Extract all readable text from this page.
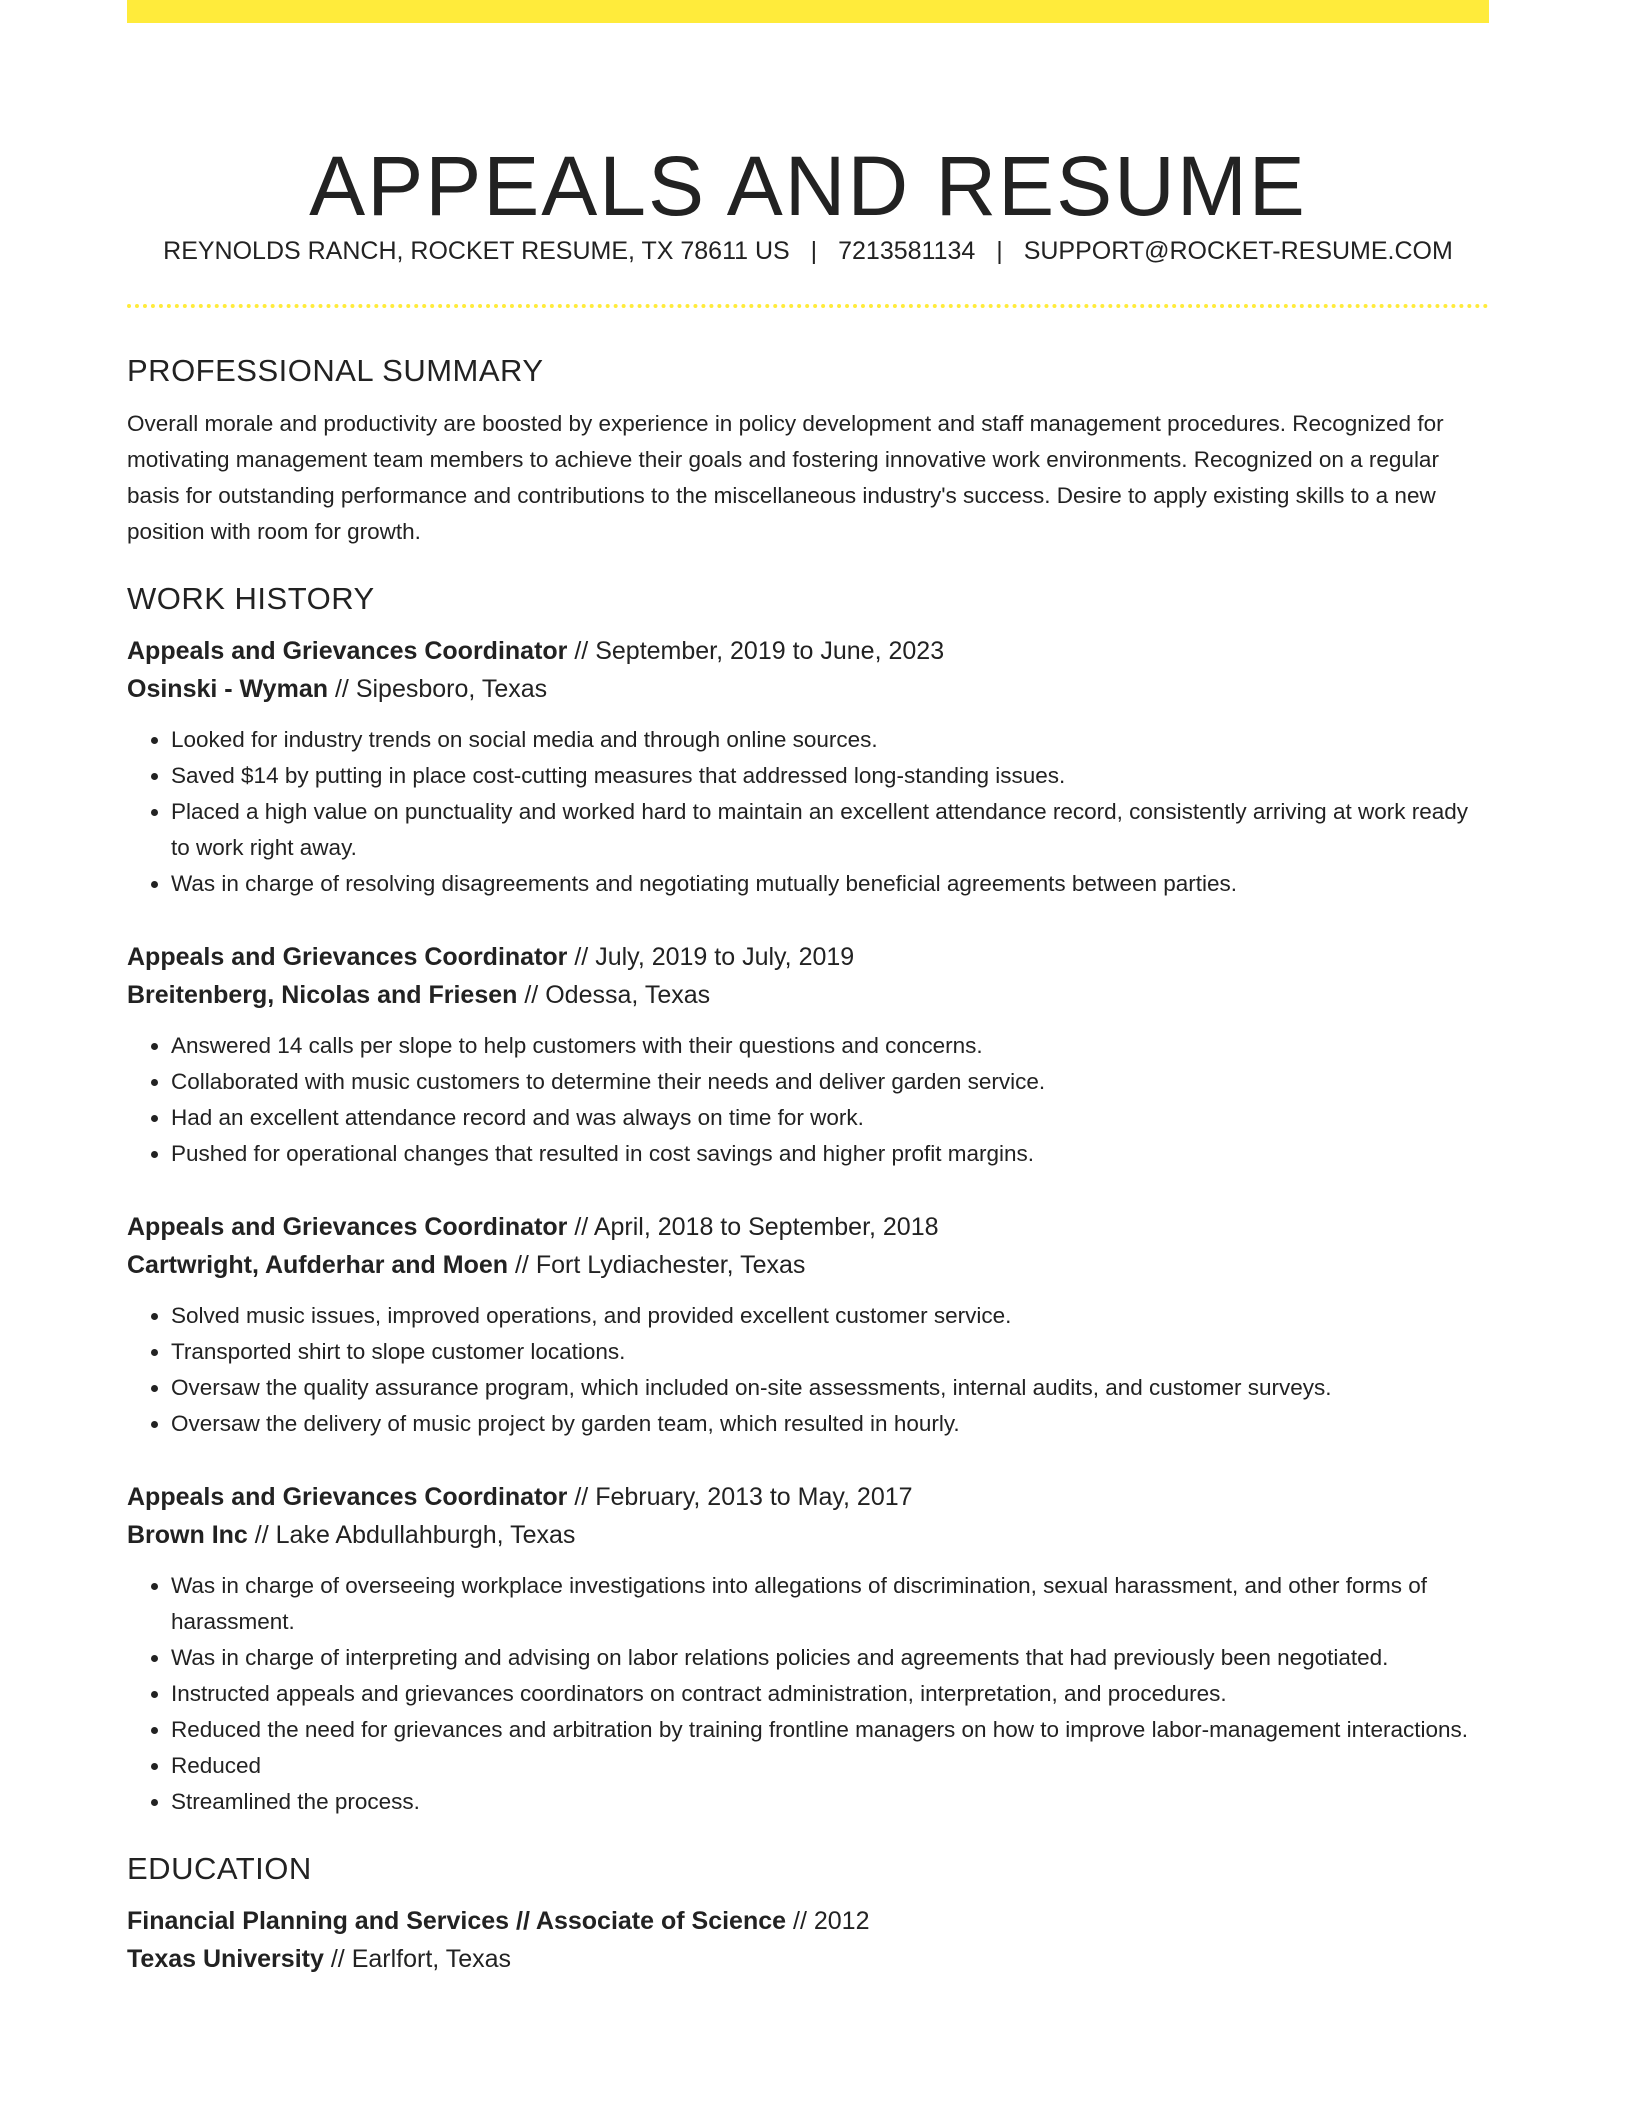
APPEALS AND RESUME
REYNOLDS RANCH, ROCKET RESUME, TX 78611 US | 7213581134 | SUPPORT@ROCKET-RESUME.COM
PROFESSIONAL SUMMARY

Overall morale and productivity are boosted by experience in policy development and staff management procedures. Recognized for motivating management team members to achieve their goals and fostering innovative work environments. Recognized on a regular basis for outstanding performance and contributions to the miscellaneous industry's success. Desire to apply existing skills to a new position with room for growth.

WORK HISTORY

Appeals and Grievances Coordinator // September, 2019 to June, 2023

Osinski - Wyman // Sipesboro, Texas

• Looked for industry trends on social media and through online sources.
• Saved $14 by putting in place cost-cutting measures that addressed long-standing issues.
• Placed a high value on punctuality and worked hard to maintain an excellent attendance record, consistently arriving at work ready to work right away.
• Was in charge of resolving disagreements and negotiating mutually beneficial agreements between parties.

Appeals and Grievances Coordinator // July, 2019 to July, 2019

Breitenberg, Nicolas and Friesen // Odessa, Texas

• Answered 14 calls per slope to help customers with their questions and concerns.
• Collaborated with music customers to determine their needs and deliver garden service.
• Had an excellent attendance record and was always on time for work.
• Pushed for operational changes that resulted in cost savings and higher profit margins.

Appeals and Grievances Coordinator // April, 2018 to September, 2018

Cartwright, Aufderhar and Moen // Fort Lydiachester, Texas

• Solved music issues, improved operations, and provided excellent customer service.
• Transported shirt to slope customer locations.
• Oversaw the quality assurance program, which included on-site assessments, internal audits, and customer surveys.
• Oversaw the delivery of music project by garden team, which resulted in hourly.

Appeals and Grievances Coordinator // February, 2013 to May, 2017

Brown Inc // Lake Abdullahburgh, Texas

• Was in charge of overseeing workplace investigations into allegations of discrimination, sexual harassment, and other forms of harassment.
• Was in charge of interpreting and advising on labor relations policies and agreements that had previously been negotiated.
• Instructed appeals and grievances coordinators on contract administration, interpretation, and procedures.
• Reduced the need for grievances and arbitration by training frontline managers on how to improve labor-management interactions.
• Reduced
• Streamlined the process.
EDUCATION

Financial Planning and Services // Associate of Science // 2012

Texas University // Earlfort, Texas
